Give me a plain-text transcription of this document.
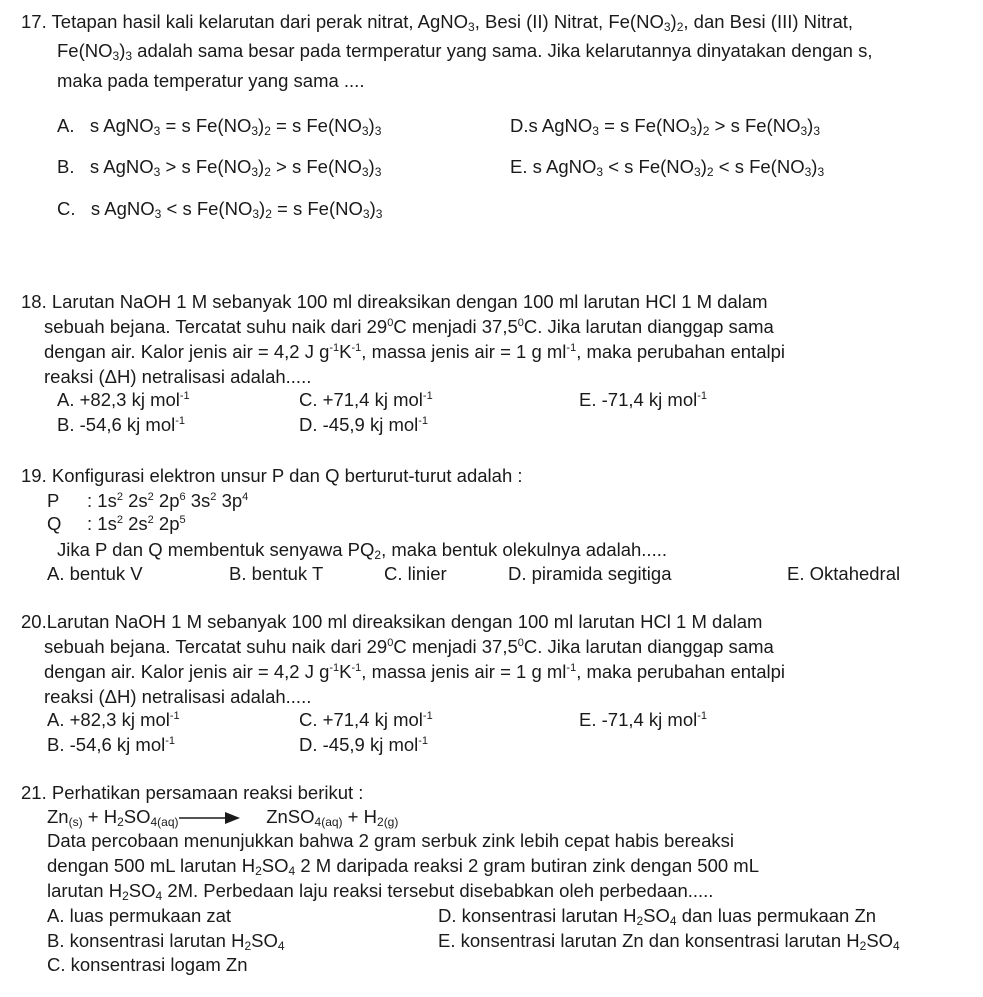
17. Tetapan hasil kali kelarutan dari perak nitrat, AgNO3, Besi (II) Nitrat, Fe(NO3)2, dan Besi (III) Nitrat,
Fe(NO3)3 adalah sama besar pada termperatur yang sama. Jika kelarutannya dinyatakan dengan s,
maka pada temperatur yang sama ....
A. s AgNO3 = s Fe(NO3)2 = s Fe(NO3)3	D.s AgNO3 = s Fe(NO3)2 > s Fe(NO3)3
B. s AgNO3 > s Fe(NO3)2 > s Fe(NO3)3	E. s AgNO3 < s Fe(NO3)2 < s Fe(NO3)3
C. s AgNO3 < s Fe(NO3)2 = s Fe(NO3)3
18. Larutan NaOH 1 M sebanyak 100 ml direaksikan dengan 100 ml larutan HCl 1 M dalam
sebuah bejana. Tercatat suhu naik dari $29^0C$ menjadi 37,5$^0$C. Jika larutan dianggap sama
dengan air. Kalor jenis air = 4,2 J $g^{-1}K^{-1}$, massa jenis air = 1 g $ml^{-1}$, maka perubahan entalpi
reaksi (ΔH) netralisasi adalah.....
A. +82,3 kj mol$^{-1}$	C. +71,4 kj mol$^{-1}$	E. -71,4 kj mol$^{-1}$
B. -54,6 kj mol$^{-1}$	D. -45,9 kj mol$^{-1}$
19. Konfigurasi elektron unsur P dan Q berturut-turut adalah :
P : $1s^2$ $2s^2$ $2p^6$ $3s^2$ $3p^4$
Q : $1s^2$ $2s^2$ $2p^5$
Jika P dan Q membentuk senyawa PQ2, maka bentuk olekulnya adalah.....
A. bentuk V	B. bentuk T	C. linier	D. piramida segitiga	E. Oktahedral
20.Larutan NaOH 1 M sebanyak 100 ml direaksikan dengan 100 ml larutan HCl 1 M dalam
sebuah bejana. Tercatat suhu naik dari $29^0C$ menjadi 37,5$^0$C. Jika larutan dianggap sama
dengan air. Kalor jenis air = 4,2 J $g^{-1}K^{-1}$, massa jenis air = 1 g $ml^{-1}$, maka perubahan entalpi
reaksi (ΔH) netralisasi adalah.....
A. +82,3 kj mol$^{-1}$	C. +71,4 kj mol$^{-1}$	E. -71,4 kj mol$^{-1}$
B. -54,6 kj mol$^{-1}$	D. -45,9 kj mol$^{-1}$
21. Perhatikan persamaan reaksi berikut :
Zn(s) + H2SO4(aq)→ ZnSO4(aq) + H2(g)
Data percobaan menunjukkan bahwa 2 gram serbuk zink lebih cepat habis bereaksi
dengan 500 mL larutan H2SO4 2 M daripada reaksi 2 gram butiran zink dengan 500 mL
larutan H2SO4 2M. Perbedaan laju reaksi tersebut disebabkan oleh perbedaan.....
A. luas permukaan zat	D. konsentrasi larutan H2SO4 dan luas permukaan Zn
B. konsentrasi larutan H2SO4	E. konsentrasi larutan Zn dan konsentrasi larutan H2SO4
C. konsentrasi logam Zn
